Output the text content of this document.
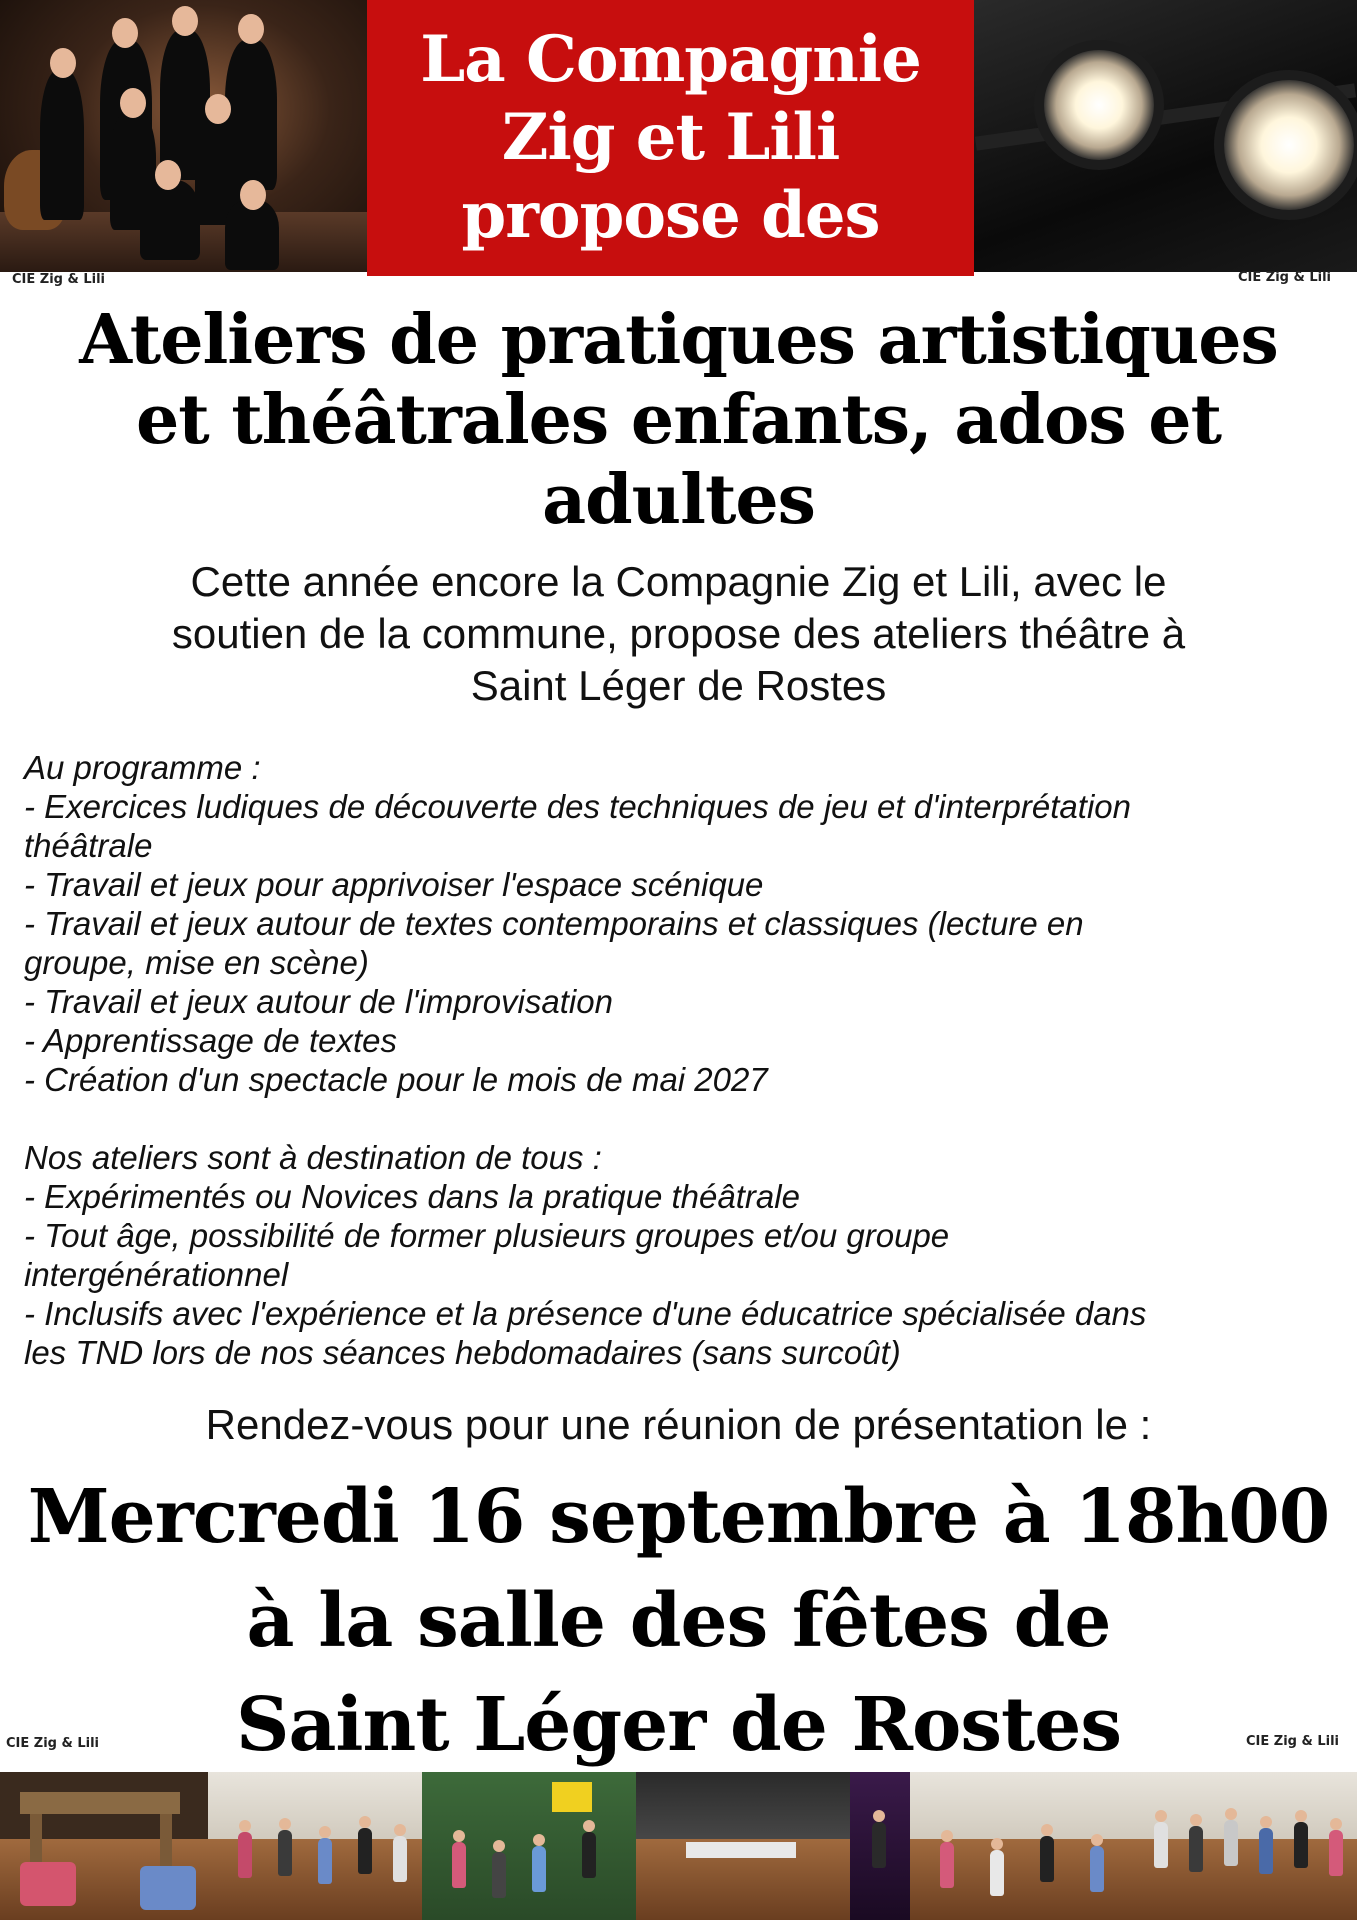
La Compagnie
Zig et Lili
propose des
CIE Zig & Lili	CIE Zig & Lili
Ateliers de pratiques artistiques
et théâtrales enfants, ados et
adultes
Cette année encore la Compagnie Zig et Lili, avec le
soutien de la commune, propose des ateliers théâtre à
Saint Léger de Rostes
Au programme :
- Exercices ludiques de découverte des techniques de jeu et d'interprétation
théâtrale
- Travail et jeux pour apprivoiser l'espace scénique
- Travail et jeux autour de textes contemporains et classiques (lecture en
groupe, mise en scène)
- Travail et jeux autour de l'improvisation
- Apprentissage de textes
- Création d'un spectacle pour le mois de mai 2027
Nos ateliers sont à destination de tous :
- Expérimentés ou Novices dans la pratique théâtrale
- Tout âge, possibilité de former plusieurs groupes et/ou groupe
intergénérationnel
- Inclusifs avec l'expérience et la présence d'une éducatrice spécialisée dans
les TND lors de nos séances hebdomadaires (sans surcoût)
Rendez-vous pour une réunion de présentation le :
Mercredi 16 septembre à 18h00
à la salle des fêtes de
Saint Léger de Rostes
CIE Zig & Lili	CIE Zig & Lili
